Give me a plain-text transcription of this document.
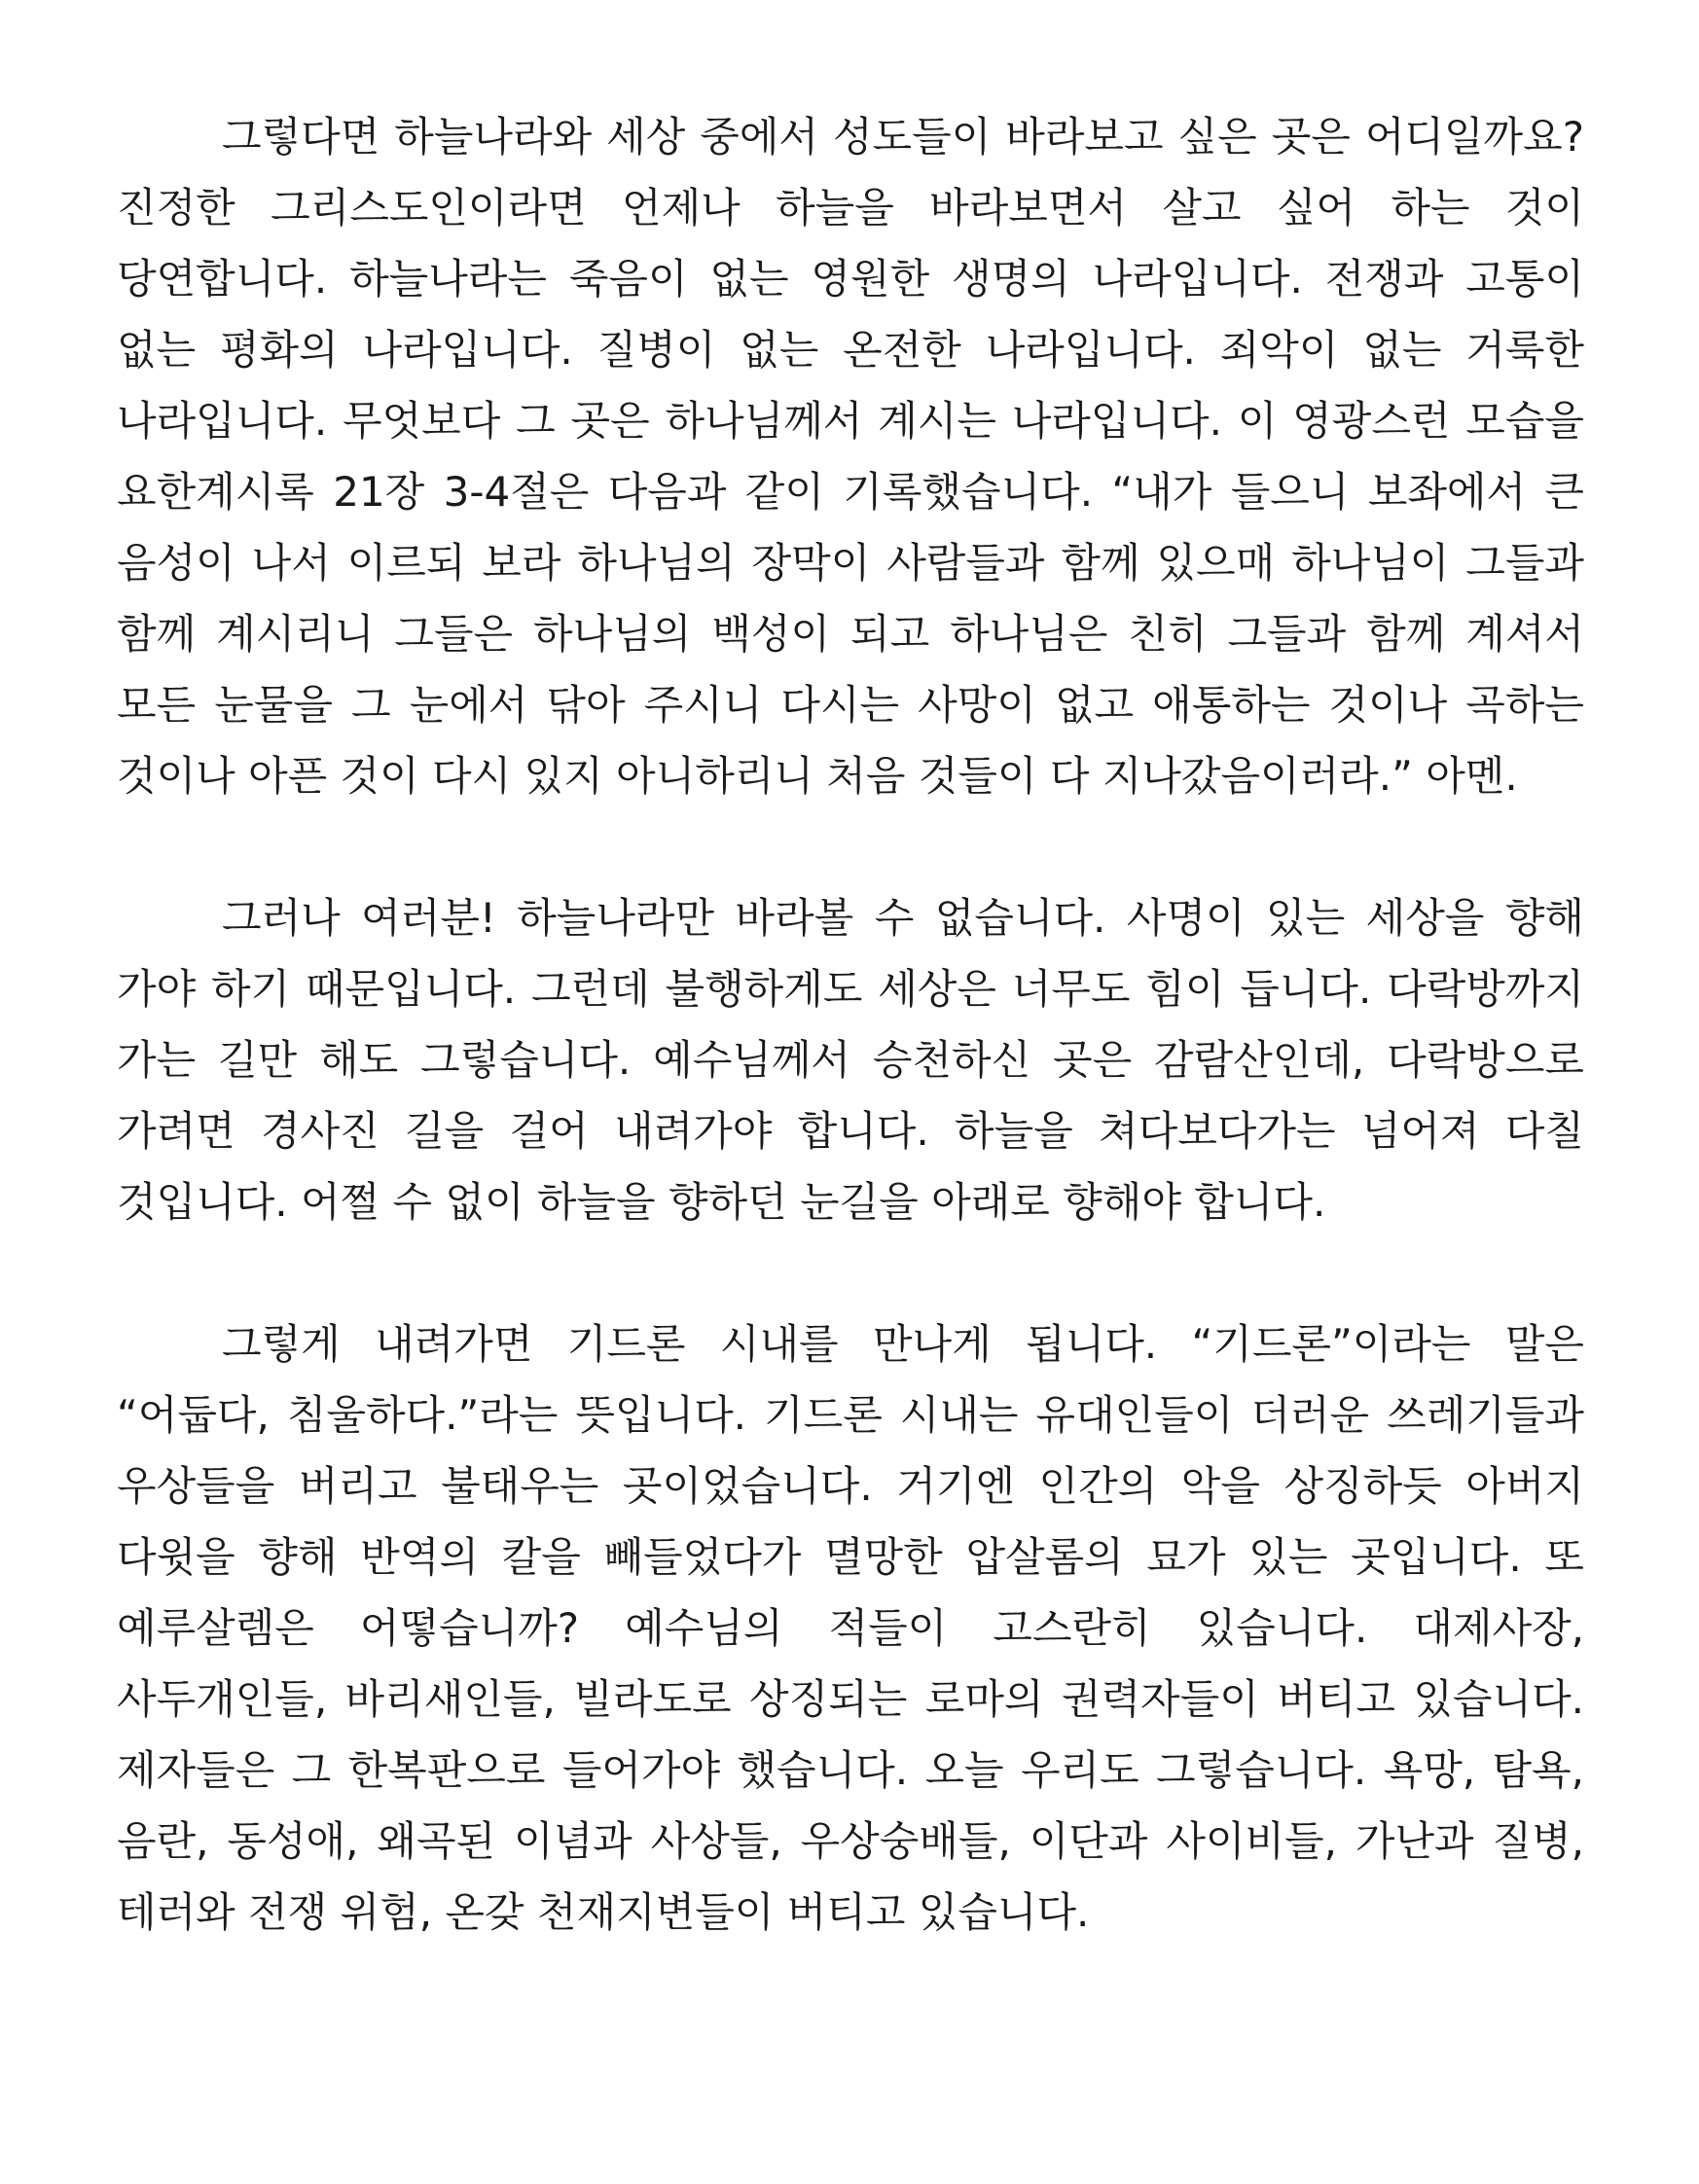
그렇다면 하늘나라와 세상 중에서 성도들이 바라보고 싶은 곳은 어디일까요? 진정한 그리스도인이라면 언제나 하늘을 바라보면서 살고 싶어 하는 것이 당연합니다. 하늘나라는 죽음이 없는 영원한 생명의 나라입니다. 전쟁과 고통이 없는 평화의 나라입니다. 질병이 없는 온전한 나라입니다. 죄악이 없는 거룩한 나라입니다. 무엇보다 그 곳은 하나님께서 계시는 나라입니다. 이 영광스런 모습을 요한계시록 21장 3-4절은 다음과 같이 기록했습니다. “내가 들으니 보좌에서 큰 음성이 나서 이르되 보라 하나님의 장막이 사람들과 함께 있으매 하나님이 그들과 함께 계시리니 그들은 하나님의 백성이 되고 하나님은 친히 그들과 함께 계셔서 모든 눈물을 그 눈에서 닦아 주시니 다시는 사망이 없고 애통하는 것이나 곡하는 것이나 아픈 것이 다시 있지 아니하리니 처음 것들이 다 지나갔음이러라.” 아멘.

그러나 여러분! 하늘나라만 바라볼 수 없습니다. 사명이 있는 세상을 향해 가야 하기 때문입니다. 그런데 불행하게도 세상은 너무도 힘이 듭니다. 다락방까지 가는 길만 해도 그렇습니다. 예수님께서 승천하신 곳은 감람산인데, 다락방으로 가려면 경사진 길을 걸어 내려가야 합니다. 하늘을 쳐다보다가는 넘어져 다칠 것입니다. 어쩔 수 없이 하늘을 향하던 눈길을 아래로 향해야 합니다.

그렇게 내려가면 기드론 시내를 만나게 됩니다. “기드론”이라는 말은 “어둡다, 침울하다.”라는 뜻입니다. 기드론 시내는 유대인들이 더러운 쓰레기들과 우상들을 버리고 불태우는 곳이었습니다. 거기엔 인간의 악을 상징하듯 아버지 다윗을 향해 반역의 칼을 빼들었다가 멸망한 압살롬의 묘가 있는 곳입니다. 또 예루살렘은 어떻습니까? 예수님의 적들이 고스란히 있습니다. 대제사장, 사두개인들, 바리새인들, 빌라도로 상징되는 로마의 권력자들이 버티고 있습니다. 제자들은 그 한복판으로 들어가야 했습니다. 오늘 우리도 그렇습니다. 욕망, 탐욕, 음란, 동성애, 왜곡된 이념과 사상들, 우상숭배들, 이단과 사이비들, 가난과 질병, 테러와 전쟁 위험, 온갖 천재지변들이 버티고 있습니다.
